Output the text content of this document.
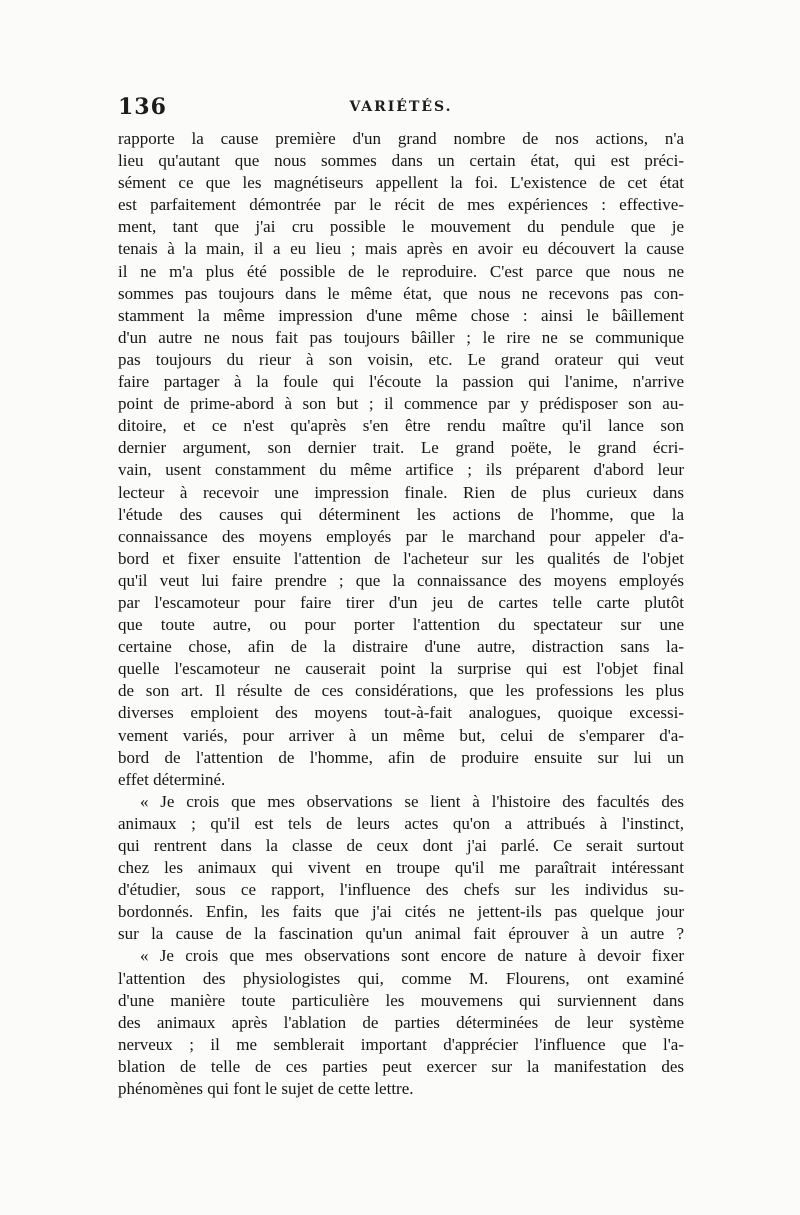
136	VARIÉTÉS.
rapporte la cause première d'un grand nombre de nos actions, n'a
lieu qu'autant que nous sommes dans un certain état, qui est préci-
sément ce que les magnétiseurs appellent la foi. L'existence de cet état
est parfaitement démontrée par le récit de mes expériences : effective-
ment, tant que j'ai cru possible le mouvement du pendule que je
tenais à la main, il a eu lieu ; mais après en avoir eu découvert la cause
il ne m'a plus été possible de le reproduire. C'est parce que nous ne
sommes pas toujours dans le même état, que nous ne recevons pas con-
stamment la même impression d'une même chose : ainsi le bâillement
d'un autre ne nous fait pas toujours bâiller ; le rire ne se communique
pas toujours du rieur à son voisin, etc. Le grand orateur qui veut
faire partager à la foule qui l'écoute la passion qui l'anime, n'arrive
point de prime-abord à son but ; il commence par y prédisposer son au-
ditoire, et ce n'est qu'après s'en être rendu maître qu'il lance son
dernier argument, son dernier trait. Le grand poëte, le grand écri-
vain, usent constamment du même artifice ; ils préparent d'abord leur
lecteur à recevoir une impression finale. Rien de plus curieux dans
l'étude des causes qui déterminent les actions de l'homme, que la
connaissance des moyens employés par le marchand pour appeler d'a-
bord et fixer ensuite l'attention de l'acheteur sur les qualités de l'objet
qu'il veut lui faire prendre ; que la connaissance des moyens employés
par l'escamoteur pour faire tirer d'un jeu de cartes telle carte plutôt
que toute autre, ou pour porter l'attention du spectateur sur une
certaine chose, afin de la distraire d'une autre, distraction sans la-
quelle l'escamoteur ne causerait point la surprise qui est l'objet final
de son art. Il résulte de ces considérations, que les professions les plus
diverses emploient des moyens tout-à-fait analogues, quoique excessi-
vement variés, pour arriver à un même but, celui de s'emparer d'a-
bord de l'attention de l'homme, afin de produire ensuite sur lui un
effet déterminé.
« Je crois que mes observations se lient à l'histoire des facultés des
animaux ; qu'il est tels de leurs actes qu'on a attribués à l'instinct,
qui rentrent dans la classe de ceux dont j'ai parlé. Ce serait surtout
chez les animaux qui vivent en troupe qu'il me paraîtrait intéressant
d'étudier, sous ce rapport, l'influence des chefs sur les individus su-
bordonnés. Enfin, les faits que j'ai cités ne jettent-ils pas quelque jour
sur la cause de la fascination qu'un animal fait éprouver à un autre ?
« Je crois que mes observations sont encore de nature à devoir fixer
l'attention des physiologistes qui, comme M. Flourens, ont examiné
d'une manière toute particulière les mouvemens qui surviennent dans
des animaux après l'ablation de parties déterminées de leur système
nerveux ; il me semblerait important d'apprécier l'influence que l'a-
blation de telle de ces parties peut exercer sur la manifestation des
phénomènes qui font le sujet de cette lettre.
